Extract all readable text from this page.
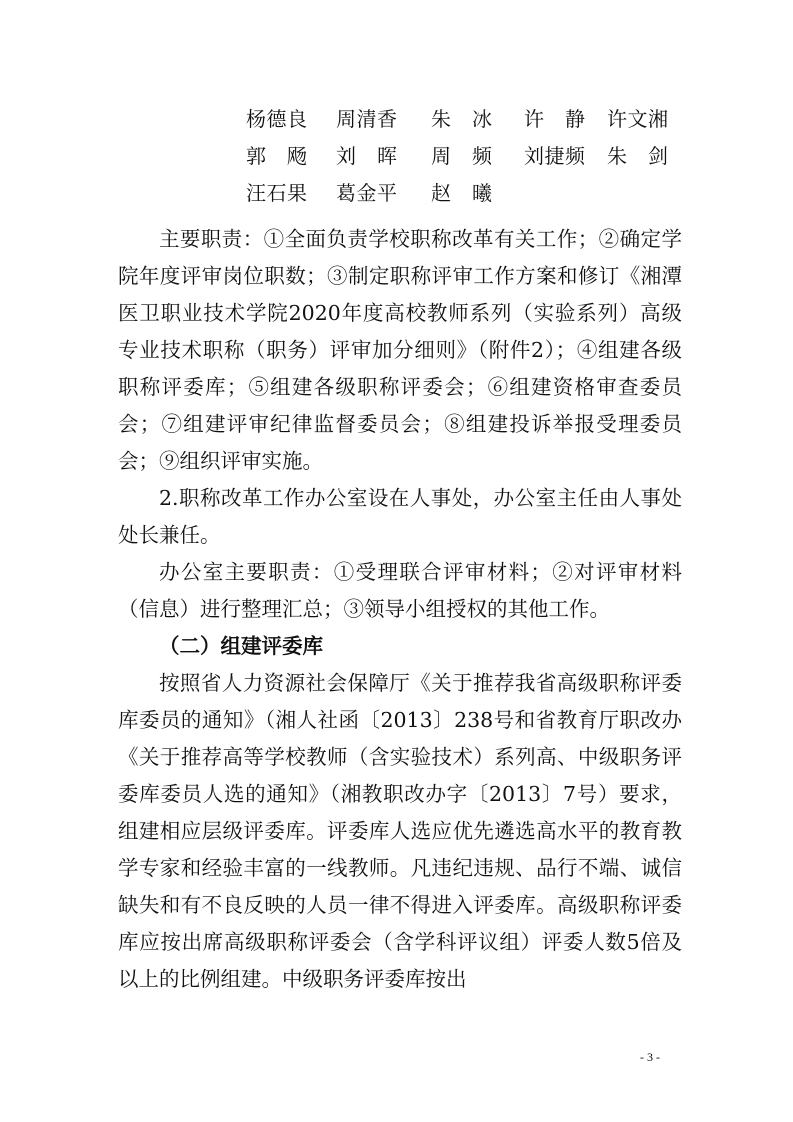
杨德良 周清香 朱　冰 许　静 许文湘
郭　飏 刘　晖 周　频 刘捷频 朱　剑
汪石果 葛金平 赵　曦

主要职责：①全面负责学校职称改革有关工作；②确定学院年度评审岗位职数；③制定职称评审工作方案和修订《湘潭医卫职业技术学院2020年度高校教师系列（实验系列）高级专业技术职称（职务）评审加分细则》（附件2）；④组建各级职称评委库；⑤组建各级职称评委会；⑥组建资格审查委员会；⑦组建评审纪律监督委员会；⑧组建投诉举报受理委员会；⑨组织评审实施。

2.职称改革工作办公室设在人事处，办公室主任由人事处处长兼任。

办公室主要职责：①受理联合评审材料；②对评审材料（信息）进行整理汇总；③领导小组授权的其他工作。

（二）组建评委库

按照省人力资源社会保障厅《关于推荐我省高级职称评委库委员的通知》（湘人社函〔2013〕238号和省教育厅职改办《关于推荐高等学校教师（含实验技术）系列高、中级职务评委库委员人选的通知》（湘教职改办字〔2013〕7号）要求，组建相应层级评委库。评委库人选应优先遴选高水平的教育教学专家和经验丰富的一线教师。凡违纪违规、品行不端、诚信缺失和有不良反映的人员一律不得进入评委库。高级职称评委库应按出席高级职称评委会（含学科评议组）评委人数5倍及以上的比例组建。中级职务评委库按出

- 3 -
